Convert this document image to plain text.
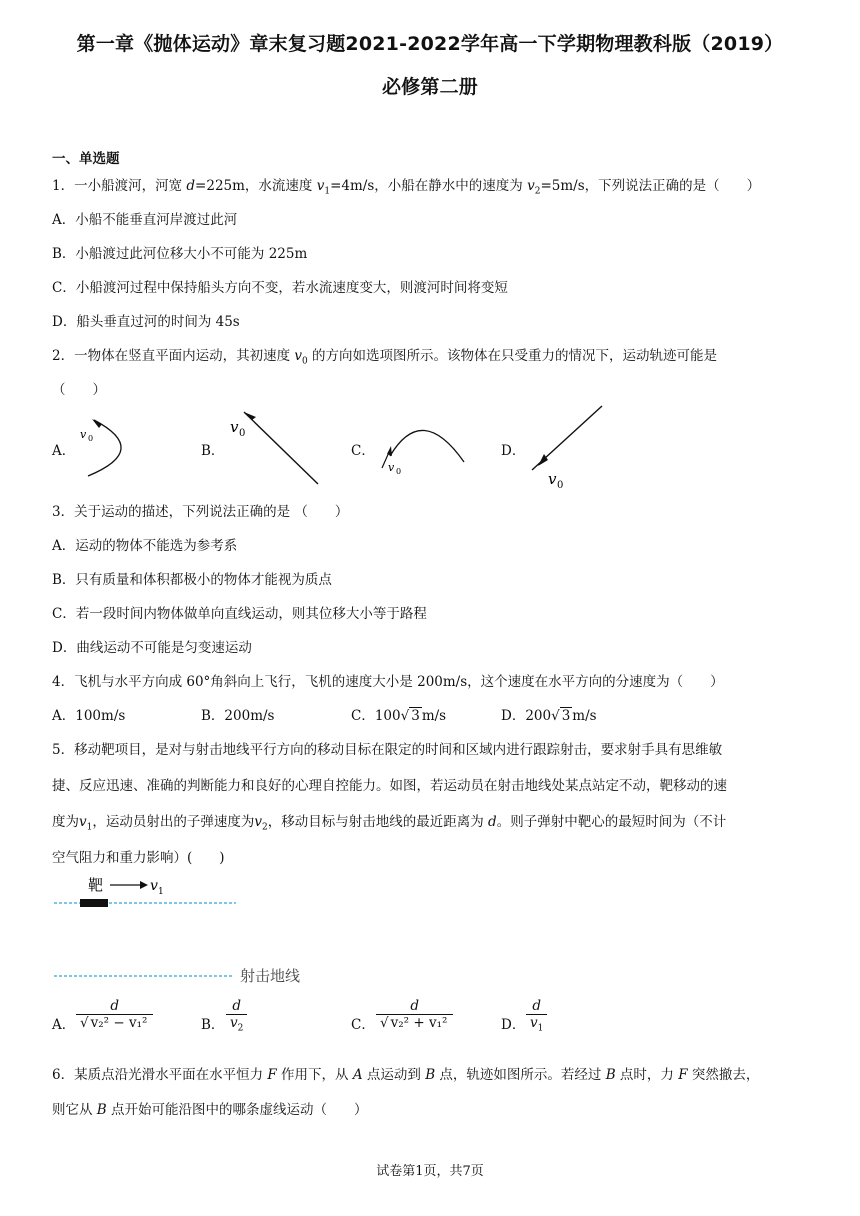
第一章《抛体运动》章末复习题2021-2022学年高一下学期物理教科版（2019）
必修第二册
一、单选题
1．一小船渡河，河宽 d=225m，水流速度 $v_1=4m/s$，小船在静水中的速度为 $v_2=5m/s$，下列说法正确的是（　　）
A．小船不能垂直河岸渡过此河
B．小船渡过此河位移大小不可能为 225m
C．小船渡河过程中保持船头方向不变，若水流速度变大，则渡河时间将变短
D．船头垂直过河的时间为 45s
2．一物体在竖直平面内运动，其初速度 $v_0$ 的方向如选项图所示。该物体在只受重力的情况下，运动轨迹可能是
（　　）
A．
v 0
B．
v 0
C．
v 0
D．
v 0
3．关于运动的描述，下列说法正确的是 （　　）
A．运动的物体不能选为参考系
B．只有质量和体积都极小的物体才能视为质点
C．若一段时间内物体做单向直线运动，则其位移大小等于路程
D．曲线运动不可能是匀变速运动
4．飞机与水平方向成 60°角斜向上飞行，飞机的速度大小是 200m/s，这个速度在水平方向的分速度为（　　）
A．100m/s	B．200m/s	C．100√ 3 m/s	D．200√ 3 m/s
5．移动靶项目，是对与射击地线平行方向的移动目标在限定的时间和区域内进行跟踪射击，要求射手具有思维敏
捷、反应迅速、准确的判断能力和良好的心理自控能力。如图，若运动员在射击地线处某点站定不动，靶移动的速
度为$v_1$，运动员射出的子弹速度为$v_2$，移动目标与射击地线的最近距离为 d。则子弹射中靶心的最短时间为（不计
空气阻力和重力影响）(　　)
靶	v 1
射击地线
A． $\frac{d}{\text{√ v₂² − v₁²}}$	B． $\frac{d}{v_2}$	C． $\frac{d}{\text{√ v₂² + v₁²}}$	D． $\frac{d}{v_1}$
6．某质点沿光滑水平面在水平恒力 F 作用下，从 A 点运动到 B 点，轨迹如图所示。若经过 B 点时，力 F 突然撤去，
则它从 B 点开始可能沿图中的哪条虚线运动（　　）
试卷第1页，共7页
